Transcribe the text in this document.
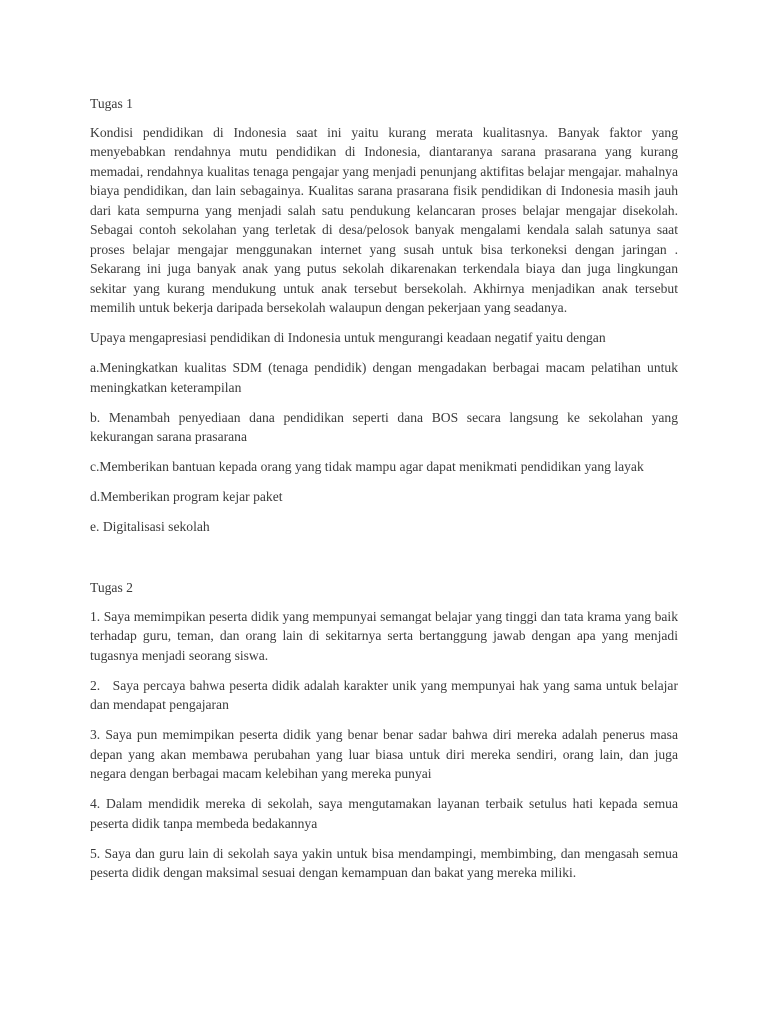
Tugas 1

Kondisi pendidikan di Indonesia saat ini yaitu kurang merata kualitasnya. Banyak faktor yang menyebabkan rendahnya mutu pendidikan di Indonesia, diantaranya sarana prasarana yang kurang memadai, rendahnya kualitas tenaga pengajar yang menjadi penunjang aktifitas belajar mengajar. mahalnya biaya pendidikan, dan lain sebagainya. Kualitas sarana prasarana fisik pendidikan di Indonesia masih jauh dari kata sempurna yang menjadi salah satu pendukung kelancaran proses belajar mengajar disekolah. Sebagai contoh sekolahan yang terletak di desa/pelosok banyak mengalami kendala salah satunya saat proses belajar mengajar menggunakan internet yang susah untuk bisa terkoneksi dengan jaringan . Sekarang ini juga banyak anak yang putus sekolah dikarenakan terkendala biaya dan juga lingkungan sekitar yang kurang mendukung untuk anak tersebut bersekolah. Akhirnya menjadikan anak tersebut memilih untuk bekerja daripada bersekolah walaupun dengan pekerjaan yang seadanya.

Upaya mengapresiasi pendidikan di Indonesia untuk mengurangi keadaan negatif yaitu dengan

a.Meningkatkan kualitas SDM (tenaga pendidik) dengan mengadakan berbagai macam pelatihan untuk meningkatkan keterampilan

b. Menambah penyediaan dana pendidikan seperti dana BOS secara langsung ke sekolahan yang kekurangan sarana prasarana

c.Memberikan bantuan kepada orang yang tidak mampu agar dapat menikmati pendidikan yang layak

d.Memberikan program kejar paket

e. Digitalisasi sekolah

Tugas 2

1. Saya memimpikan peserta didik yang mempunyai semangat belajar yang tinggi dan tata krama yang baik terhadap guru, teman, dan orang lain di sekitarnya serta bertanggung jawab dengan apa yang menjadi tugasnya menjadi seorang siswa.

2.   Saya percaya bahwa peserta didik adalah karakter unik yang mempunyai hak yang sama untuk belajar dan mendapat pengajaran

3. Saya pun memimpikan peserta didik yang benar benar sadar bahwa diri mereka adalah penerus masa depan yang akan membawa perubahan yang luar biasa untuk diri mereka sendiri, orang lain, dan juga negara dengan berbagai macam kelebihan yang mereka punyai

4. Dalam mendidik mereka di sekolah, saya mengutamakan layanan terbaik setulus hati kepada semua peserta didik tanpa membeda bedakannya

5. Saya dan guru lain di sekolah saya yakin untuk bisa mendampingi, membimbing, dan mengasah semua peserta didik dengan maksimal sesuai dengan kemampuan dan bakat yang mereka miliki.
